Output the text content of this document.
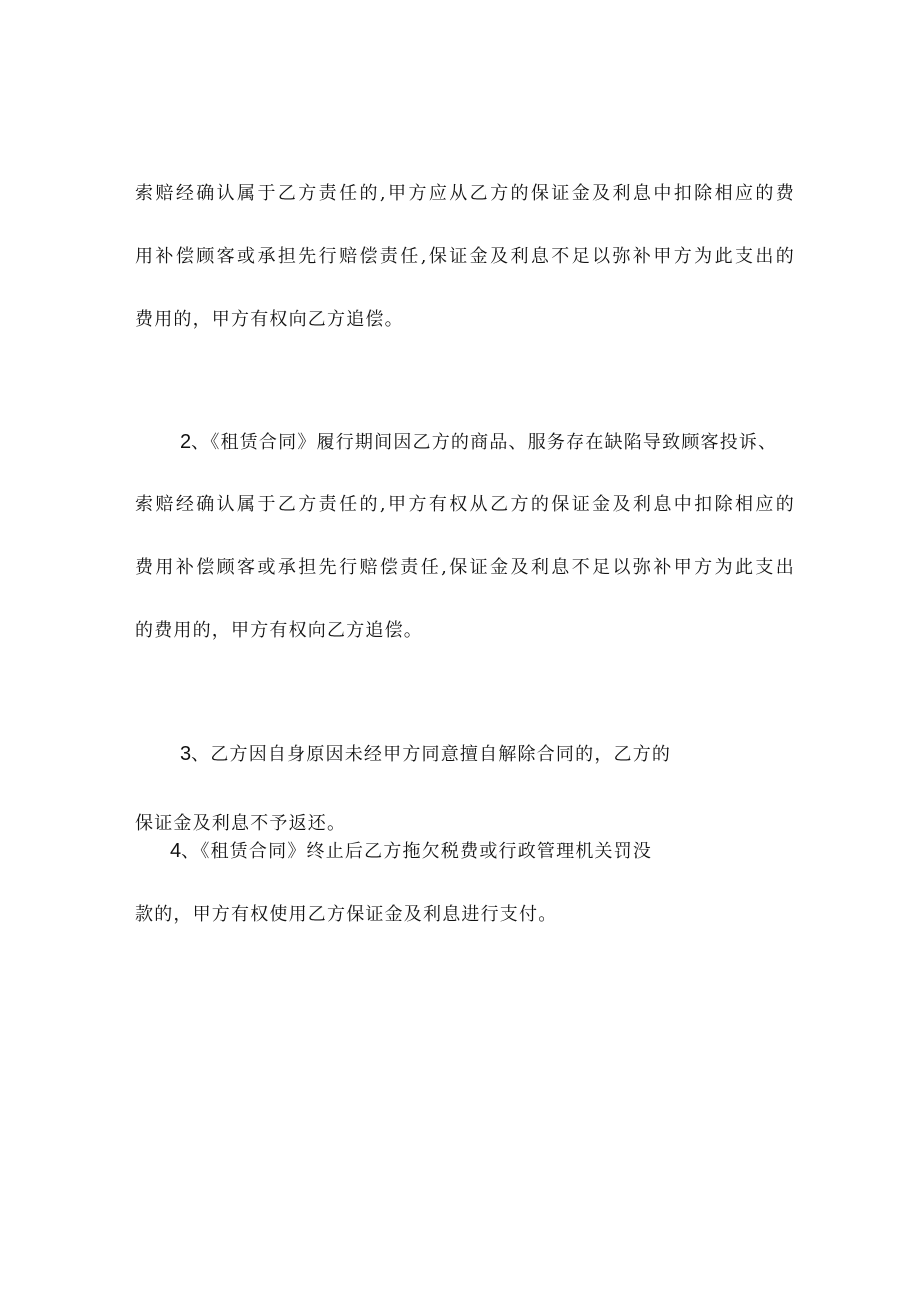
索赔经确认属于乙方责任的,甲方应从乙方的保证金及利息中扣除相应的费
用补偿顾客或承担先行赔偿责任,保证金及利息不足以弥补甲方为此支出的
费用的，甲方有权向乙方追偿。
2、《租赁合同》履行期间因乙方的商品、服务存在缺陷导致顾客投诉、
索赔经确认属于乙方责任的,甲方有权从乙方的保证金及利息中扣除相应的
费用补偿顾客或承担先行赔偿责任,保证金及利息不足以弥补甲方为此支出
的费用的，甲方有权向乙方追偿。
3、乙方因自身原因未经甲方同意擅自解除合同的，乙方的
保证金及利息不予返还。
4、《租赁合同》终止后乙方拖欠税费或行政管理机关罚没
款的，甲方有权使用乙方保证金及利息进行支付。
